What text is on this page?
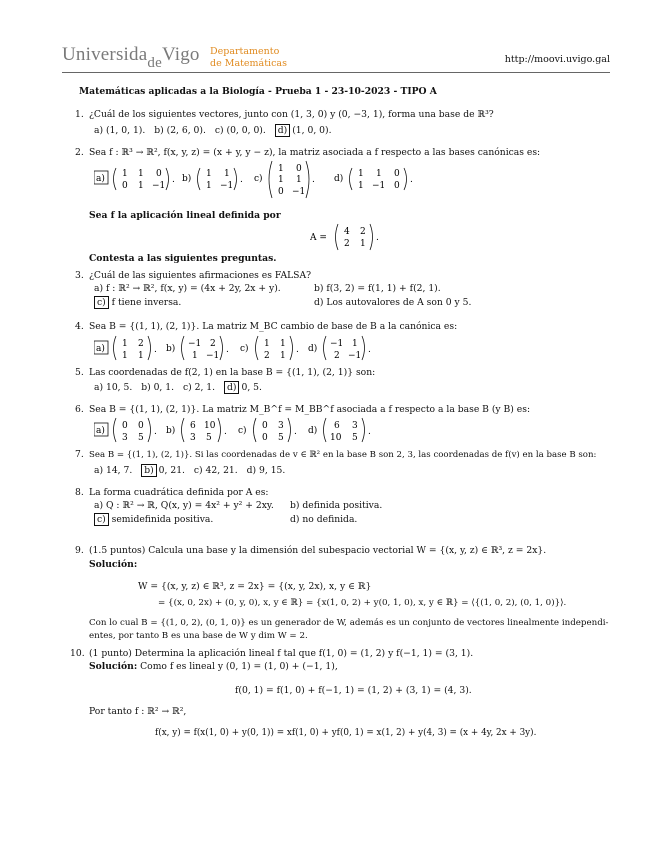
Universida$_{de}$Vigo Departamento
de Matemáticas	http://moovi.uvigo.gal
Matemáticas aplicadas a la Biología - Prueba 1 - 23-10-2023 - TIPO A
1. ¿Cuál de los siguientes vectores, junto con (1, 3, 0) y (0, −3, 1), forma una base de ℝ³?
a) (1, 0, 1). b) (2, 6, 0). c) (0, 0, 0). d) (1, 0, 0).
2. Sea f : ℝ³ → ℝ², f(x, y, z) = (x + y, y − z), la matriz asociada a f respecto a las bases canónicas es:
a) 1 1 0
0 1 −1
. b) 1 1
1 −1
. c)
1 0
1 1
0 −1
. d) 1 1 0
1 −1 0
.
Sea f la aplicación lineal definida por
A =
4 2
2 1
.
Contesta a las siguientes preguntas.
3. ¿Cuál de las siguientes afirmaciones es FALSA?
a) f : ℝ² → ℝ², f(x, y) = (4x + 2y, 2x + y).	b) f(3, 2) = f(1, 1) + f(2, 1).
c) f tiene inversa.	d) Los autovalores de A son 0 y 5.
4. Sea B = {(1, 1), (2, 1)}. La matriz M_BC cambio de base de B a la canónica es:
a) 1 2
1 1
. b) −1 2
1 −1
. c) 1 1
2 1
. d) −1 1
2 −1
.
5. Las coordenadas de f(2, 1) en la base B = {(1, 1), (2, 1)} son:
a) 10, 5. b) 0, 1. c) 2, 1. d) 0, 5.
6. Sea B = {(1, 1), (2, 1)}. La matriz M_B^f = M_BB^f asociada a f respecto a la base B (y B) es:
a) 0 0
3 5
. b) 6 10
3 5
. c) 0 3
0 5
. d) 6 3
10 5
.
7. Sea B = {(1, 1), (2, 1)}. Si las coordenadas de v ∈ ℝ² en la base B son 2, 3, las coordenadas de f(v) en la base B son:
a) 14, 7. b) 0, 21. c) 42, 21. d) 9, 15.
8. La forma cuadrática definida por A es:
a) Q : ℝ² → ℝ, Q(x, y) = 4x² + y² + 2xy. b) definida positiva.
c) semidefinida positiva.	d) no definida.
9. (1.5 puntos) Calcula una base y la dimensión del subespacio vectorial W = {(x, y, z) ∈ ℝ³, z = 2x}.
Solución:
W = {(x, y, z) ∈ ℝ³, z = 2x} = {(x, y, 2x), x, y ∈ ℝ}
= {(x, 0, 2x) + (0, y, 0), x, y ∈ ℝ} = {x(1, 0, 2) + y(0, 1, 0), x, y ∈ ℝ} = ⟨{(1, 0, 2), (0, 1, 0)}⟩.
Con lo cual B = {(1, 0, 2), (0, 1, 0)} es un generador de W, además es un conjunto de vectores linealmente independi-
entes, por tanto B es una base de W y dim W = 2.
10. (1 punto) Determina la aplicación lineal f tal que f(1, 0) = (1, 2) y f(−1, 1) = (3, 1).
Solución: Como f es lineal y (0, 1) = (1, 0) + (−1, 1),
f(0, 1) = f(1, 0) + f(−1, 1) = (1, 2) + (3, 1) = (4, 3).
Por tanto f : ℝ² → ℝ²,
f(x, y) = f(x(1, 0) + y(0, 1)) = xf(1, 0) + yf(0, 1) = x(1, 2) + y(4, 3) = (x + 4y, 2x + 3y).
